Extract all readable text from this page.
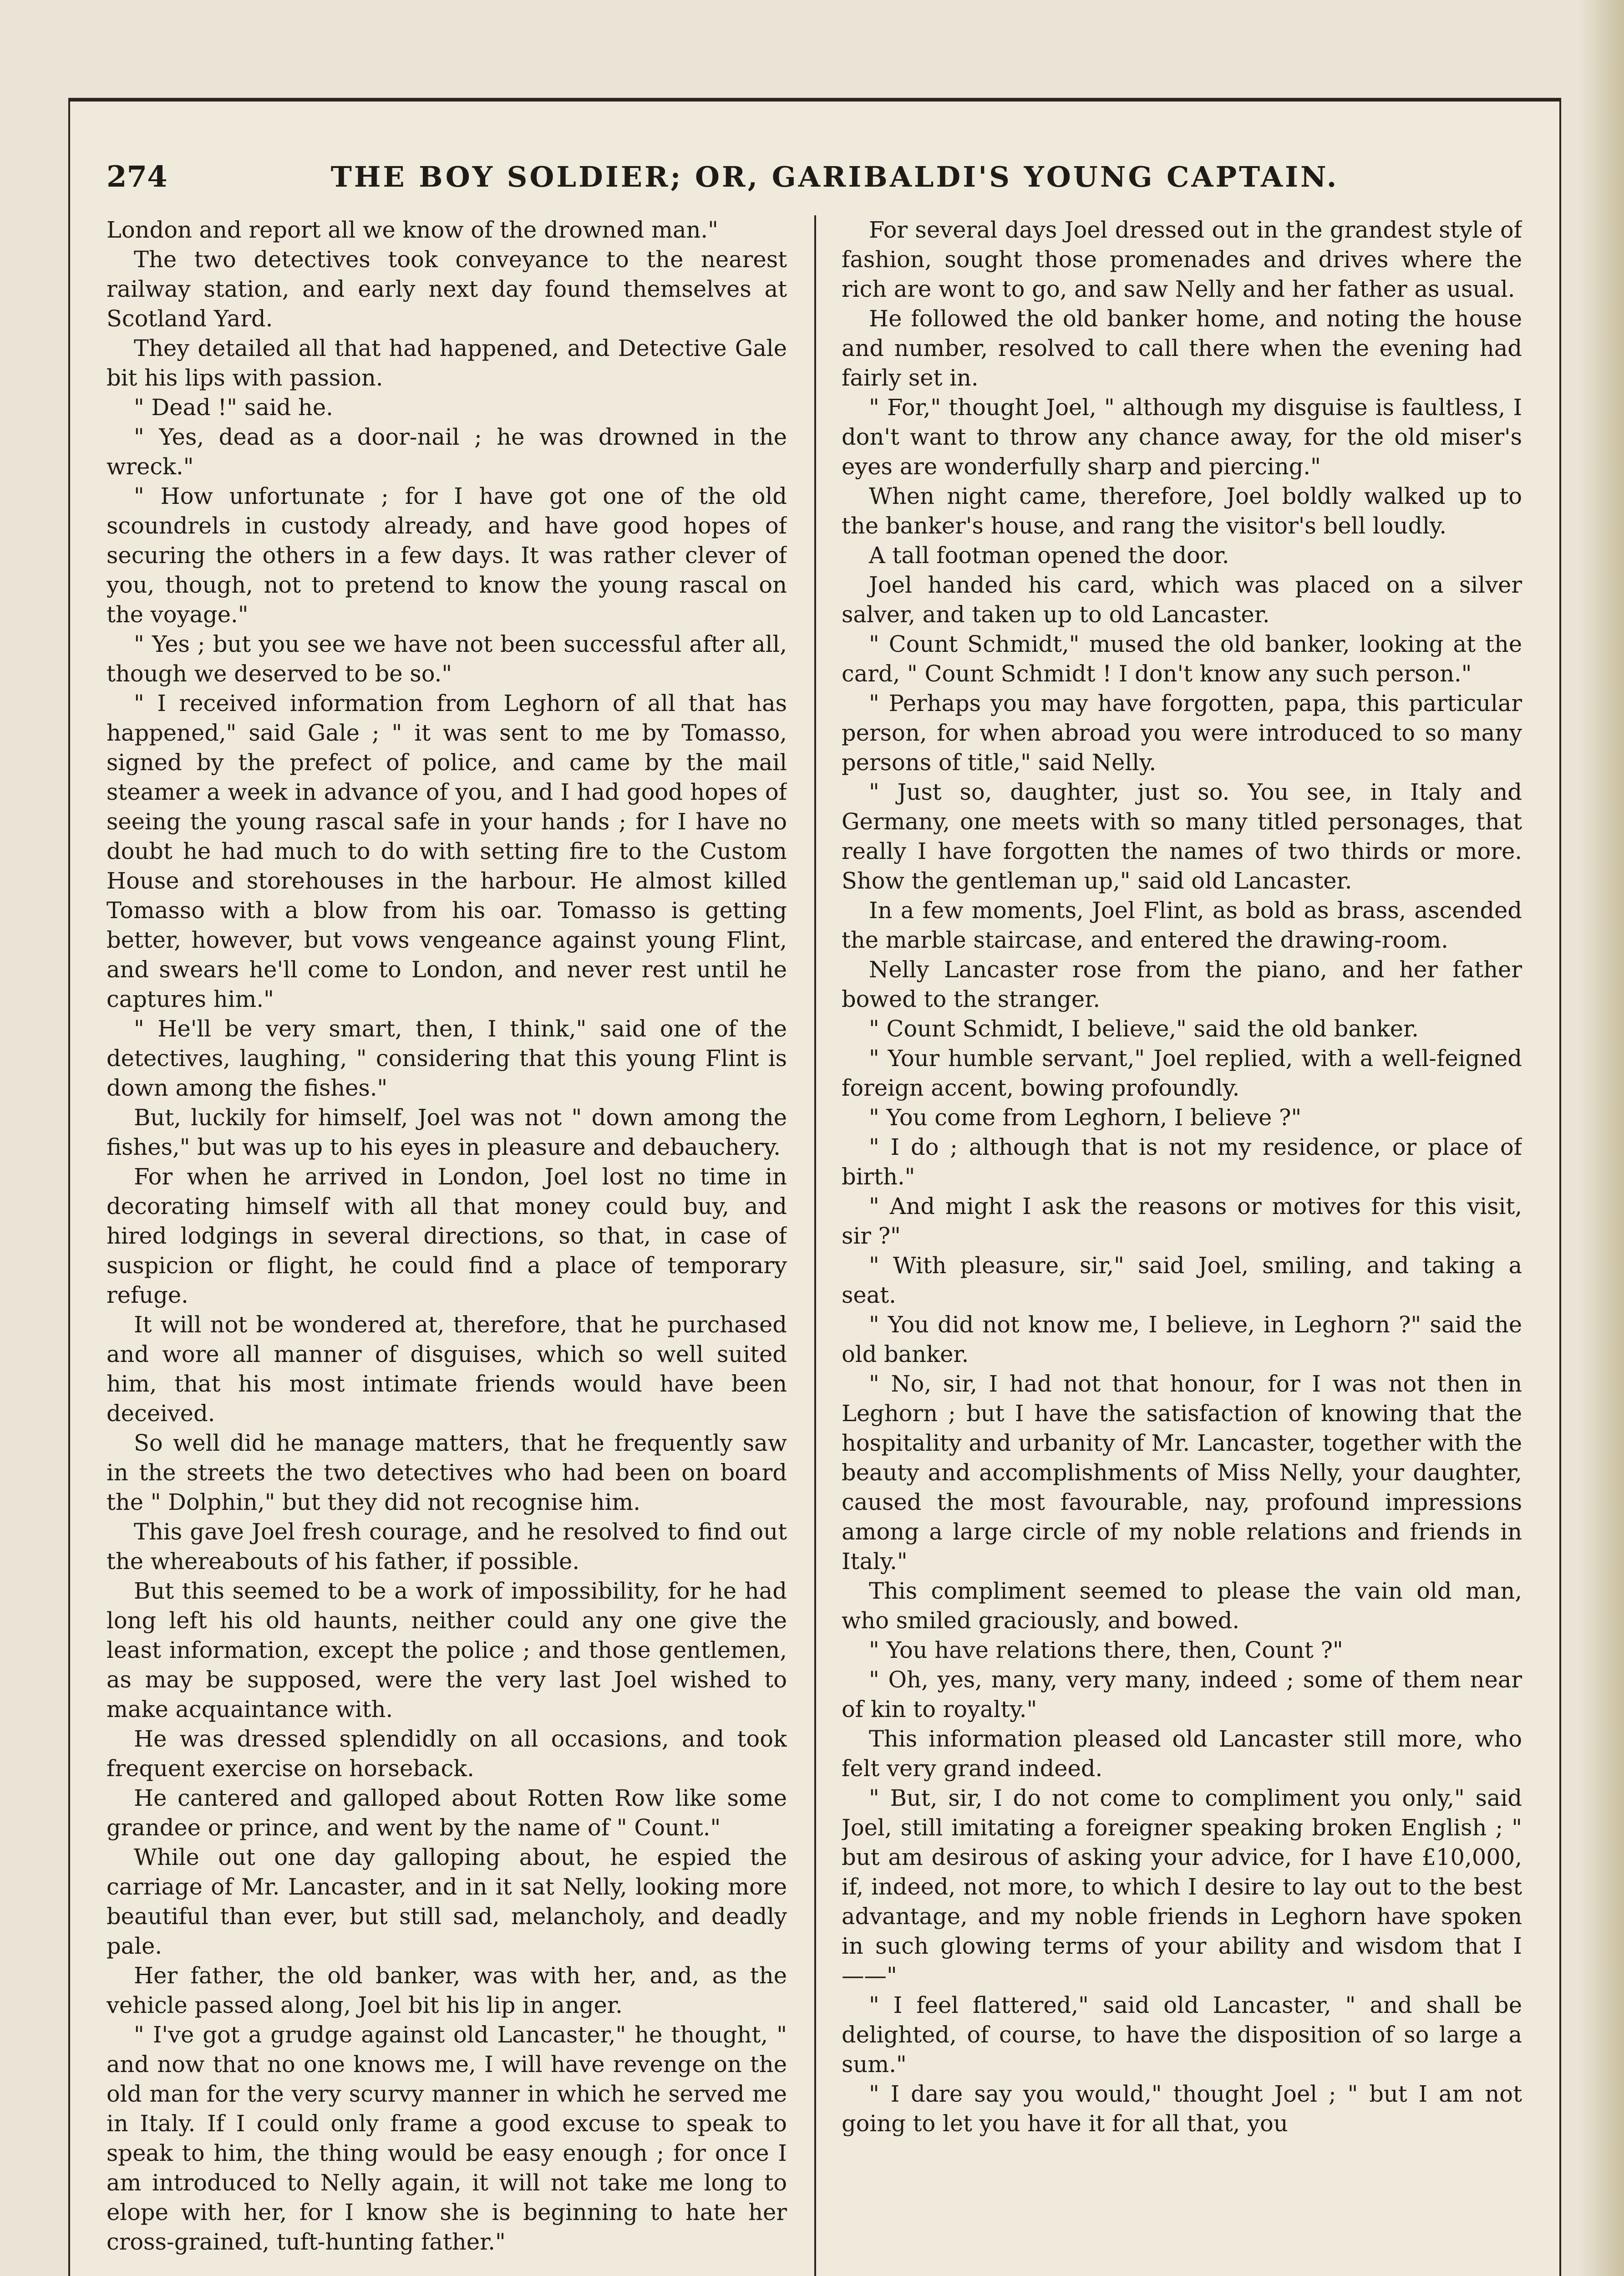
274	THE BOY SOLDIER; OR, GARIBALDI'S YOUNG CAPTAIN.

London and report all we know of the drowned man."

The two detectives took conveyance to the nearest railway station, and early next day found themselves at Scotland Yard.

They detailed all that had happened, and Detective Gale bit his lips with passion.

" Dead !" said he.

" Yes, dead as a door-nail ; he was drowned in the wreck."

" How unfortunate ; for I have got one of the old scoundrels in custody already, and have good hopes of securing the others in a few days. It was rather clever of you, though, not to pretend to know the young rascal on the voyage."

" Yes ; but you see we have not been successful after all, though we deserved to be so."

" I received information from Leghorn of all that has happened," said Gale ; " it was sent to me by Tomasso, signed by the prefect of police, and came by the mail steamer a week in advance of you, and I had good hopes of seeing the young rascal safe in your hands ; for I have no doubt he had much to do with setting fire to the Custom House and storehouses in the harbour. He almost killed Tomasso with a blow from his oar. Tomasso is getting better, however, but vows vengeance against young Flint, and swears he'll come to London, and never rest until he captures him."

" He'll be very smart, then, I think," said one of the detectives, laughing, " considering that this young Flint is down among the fishes."

But, luckily for himself, Joel was not " down among the fishes," but was up to his eyes in pleasure and debauchery.

For when he arrived in London, Joel lost no time in decorating himself with all that money could buy, and hired lodgings in several directions, so that, in case of suspicion or flight, he could find a place of temporary refuge.

It will not be wondered at, therefore, that he purchased and wore all manner of disguises, which so well suited him, that his most intimate friends would have been deceived.

So well did he manage matters, that he frequently saw in the streets the two detectives who had been on board the " Dolphin," but they did not recognise him.

This gave Joel fresh courage, and he resolved to find out the whereabouts of his father, if possible.

But this seemed to be a work of impossibility, for he had long left his old haunts, neither could any one give the least information, except the police ; and those gentlemen, as may be supposed, were the very last Joel wished to make acquaintance with.

He was dressed splendidly on all occasions, and took frequent exercise on horseback.

He cantered and galloped about Rotten Row like some grandee or prince, and went by the name of " Count."

While out one day galloping about, he espied the carriage of Mr. Lancaster, and in it sat Nelly, looking more beautiful than ever, but still sad, melancholy, and deadly pale.

Her father, the old banker, was with her, and, as the vehicle passed along, Joel bit his lip in anger.

" I've got a grudge against old Lancaster," he thought, " and now that no one knows me, I will have revenge on the old man for the very scurvy manner in which he served me in Italy. If I could only frame a good excuse to speak to speak to him, the thing would be easy enough ; for once I am introduced to Nelly again, it will not take me long to elope with her, for I know she is beginning to hate her cross-grained, tuft-hunting father."

For several days Joel dressed out in the grandest style of fashion, sought those promenades and drives where the rich are wont to go, and saw Nelly and her father as usual.

He followed the old banker home, and noting the house and number, resolved to call there when the evening had fairly set in.

" For," thought Joel, " although my disguise is faultless, I don't want to throw any chance away, for the old miser's eyes are wonderfully sharp and piercing."

When night came, therefore, Joel boldly walked up to the banker's house, and rang the visitor's bell loudly.

A tall footman opened the door.

Joel handed his card, which was placed on a silver salver, and taken up to old Lancaster.

" Count Schmidt," mused the old banker, looking at the card, " Count Schmidt ! I don't know any such person."

" Perhaps you may have forgotten, papa, this particular person, for when abroad you were introduced to so many persons of title," said Nelly.

" Just so, daughter, just so. You see, in Italy and Germany, one meets with so many titled personages, that really I have forgotten the names of two thirds or more. Show the gentleman up," said old Lancaster.

In a few moments, Joel Flint, as bold as brass, ascended the marble staircase, and entered the drawing-room.

Nelly Lancaster rose from the piano, and her father bowed to the stranger.

" Count Schmidt, I believe," said the old banker.

" Your humble servant," Joel replied, with a well-feigned foreign accent, bowing profoundly.

" You come from Leghorn, I believe ?"

" I do ; although that is not my residence, or place of birth."

" And might I ask the reasons or motives for this visit, sir ?"

" With pleasure, sir," said Joel, smiling, and taking a seat.

" You did not know me, I believe, in Leghorn ?" said the old banker.

" No, sir, I had not that honour, for I was not then in Leghorn ; but I have the satisfaction of knowing that the hospitality and urbanity of Mr. Lancaster, together with the beauty and accomplishments of Miss Nelly, your daughter, caused the most favourable, nay, profound impressions among a large circle of my noble relations and friends in Italy."

This compliment seemed to please the vain old man, who smiled graciously, and bowed.

" You have relations there, then, Count ?"

" Oh, yes, many, very many, indeed ; some of them near of kin to royalty."

This information pleased old Lancaster still more, who felt very grand indeed.

" But, sir, I do not come to compliment you only," said Joel, still imitating a foreigner speaking broken English ; " but am desirous of asking your advice, for I have £10,000, if, indeed, not more, to which I desire to lay out to the best advantage, and my noble friends in Leghorn have spoken in such glowing terms of your ability and wisdom that I——"

" I feel flattered," said old Lancaster, " and shall be delighted, of course, to have the disposition of so large a sum."

" I dare say you would," thought Joel ; " but I am not going to let you have it for all that, you
